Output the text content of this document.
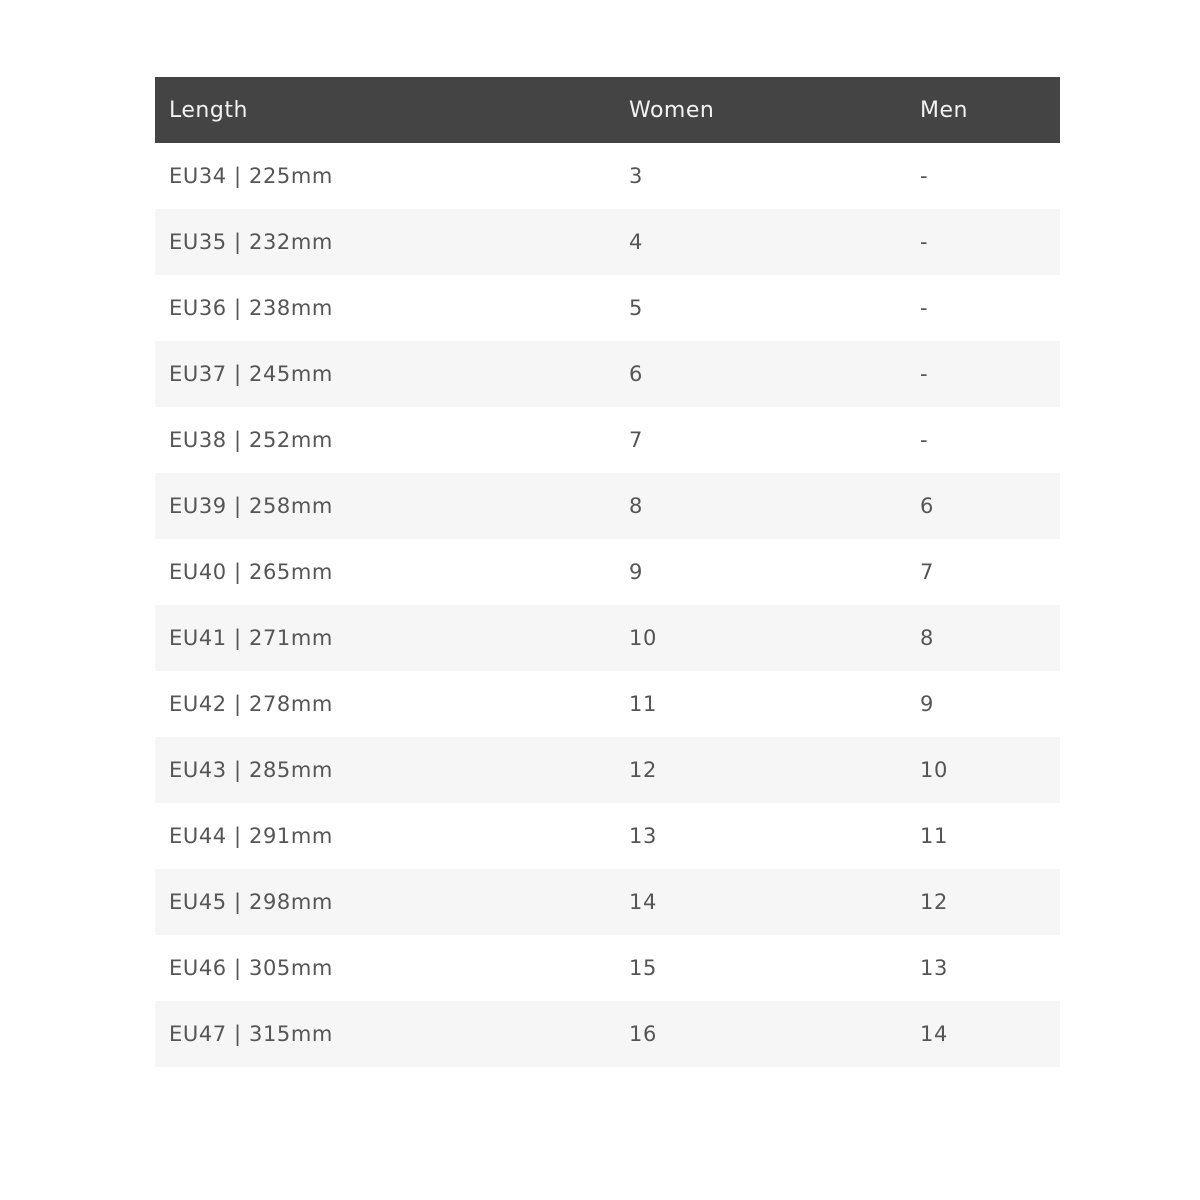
Length	Women	Men
EU34 | 225mm	3	-
EU35 | 232mm	4	-
EU36 | 238mm	5	-
EU37 | 245mm	6	-
EU38 | 252mm	7	-
EU39 | 258mm	8	6
EU40 | 265mm	9	7
EU41 | 271mm	10	8
EU42 | 278mm	11	9
EU43 | 285mm	12	10
EU44 | 291mm	13	11
EU45 | 298mm	14	12
EU46 | 305mm	15	13
EU47 | 315mm	16	14
